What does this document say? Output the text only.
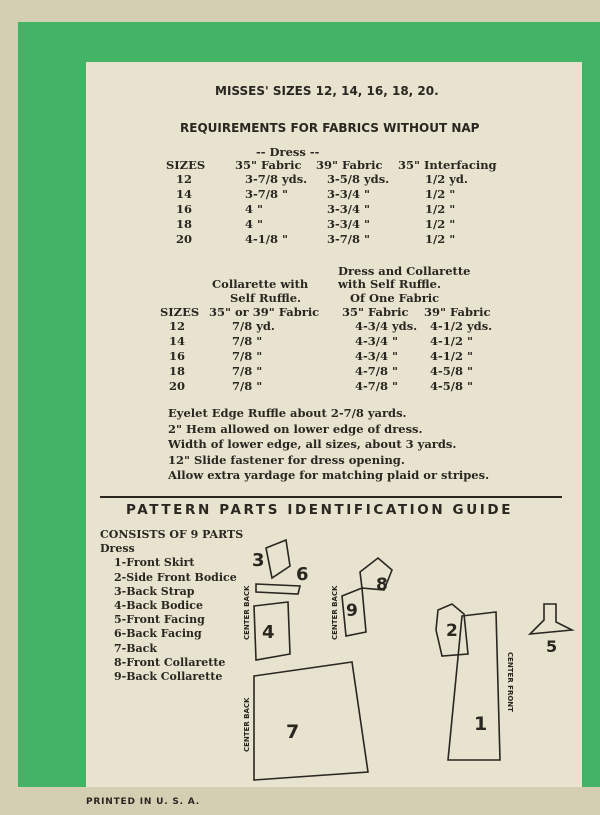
MISSES' SIZES 12, 14, 16, 18, 20.
REQUIREMENTS FOR FABRICS WITHOUT NAP
-- Dress --
SIZES	35" Fabric 39" Fabric 35" Interfacing
12	3-7/8 yds. 3-5/8 yds.	1/2 yd.
14	3-7/8 "	3-3/4 "	1/2 "
16	4 "	3-3/4 "	1/2 "
18	4 "	3-3/4 "	1/2 "
20	4-1/8 "	3-7/8 "	1/2 "
Dress and Collarette
Collarette with	with Self Ruffle.
Self Ruffle.	Of One Fabric
SIZES 35" or 39" Fabric 35" Fabric 39" Fabric
12	7/8 yd.	4-3/4 yds. 4-1/2 yds.
14	7/8 "	4-3/4 "	4-1/2 "
16	7/8 "	4-3/4 "	4-1/2 "
18	7/8 "	4-7/8 "	4-5/8 "
20	7/8 "	4-7/8 "	4-5/8 "
Eyelet Edge Ruffle about 2-7/8 yards.
2" Hem allowed on lower edge of dress.
Width of lower edge, all sizes, about 3 yards.
12" Slide fastener for dress opening.
Allow extra yardage for matching plaid or stripes.
PATTERN PARTS IDENTIFICATION GUIDE
CONSISTS OF 9 PARTS
Dress
1-Front Skirt
2-Side Front Bodice
3-Back Strap
4-Back Bodice
5-Front Facing
6-Back Facing
7-Back
8-Front Collarette
9-Back Collarette
3
6	8
4
9
2
5
7	1
CENTER BACK	CENTER BACK
CENTER BACK
CENTER FRONT
PRINTED IN U. S. A.
